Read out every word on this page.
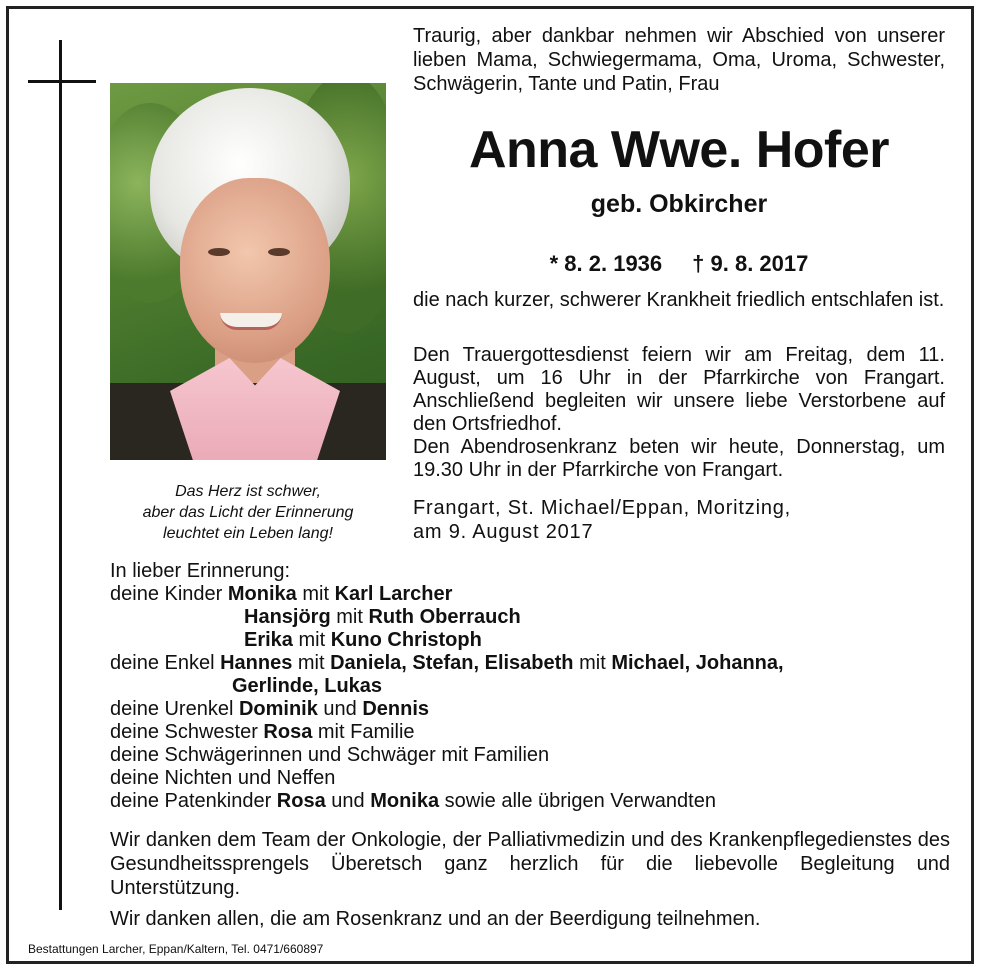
Das Herz ist schwer,
aber das Licht der Erinnerung
leuchtet ein Leben lang!
Traurig, aber dankbar nehmen wir Abschied von unserer lieben Mama, Schwiegermama, Oma, Uroma, Schwester, Schwägerin, Tante und Patin, Frau
Anna Wwe. Hofer
geb. Obkircher
* 8. 2. 1936 † 9. 8. 2017
die nach kurzer, schwerer Krankheit friedlich entschlafen ist.
Den Trauergottesdienst feiern wir am Freitag, dem 11. August, um 16 Uhr in der Pfarrkirche von Frangart. Anschließend begleiten wir unsere liebe Verstorbene auf den Ortsfriedhof.
Den Abendrosenkranz beten wir heute, Donnerstag, um 19.30 Uhr in der Pfarrkirche von Frangart.
Frangart, St. Michael/Eppan, Moritzing,
am 9. August 2017
In lieber Erinnerung:
deine Kinder Monika mit Karl Larcher
Hansjörg mit Ruth Oberrauch
Erika mit Kuno Christoph
deine Enkel Hannes mit Daniela, Stefan, Elisabeth mit Michael, Johanna,
Gerlinde, Lukas
deine Urenkel Dominik und Dennis
deine Schwester Rosa mit Familie
deine Schwägerinnen und Schwäger mit Familien
deine Nichten und Neffen
deine Patenkinder Rosa und Monika sowie alle übrigen Verwandten
Wir danken dem Team der Onkologie, der Palliativmedizin und des Krankenpflegedienstes des Gesundheitssprengels Überetsch ganz herzlich für die liebevolle Begleitung und Unterstützung.
Wir danken allen, die am Rosenkranz und an der Beerdigung teilnehmen.
Bestattungen Larcher, Eppan/Kaltern, Tel. 0471/660897
